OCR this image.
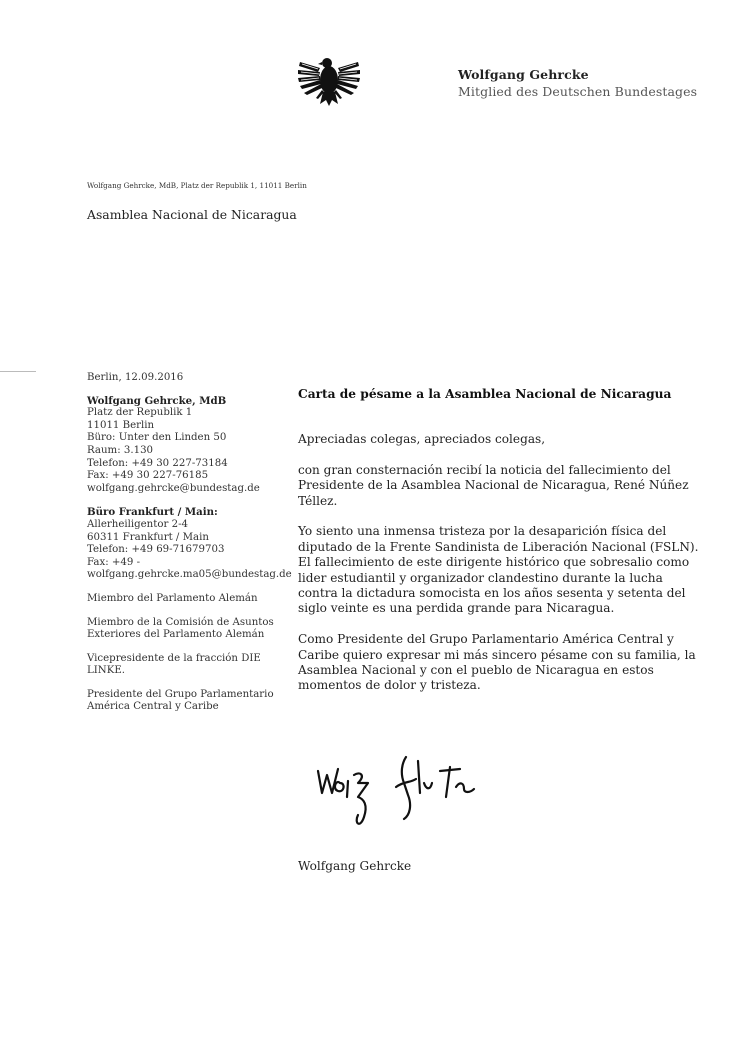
Wolfgang Gehrcke
Mitglied des Deutschen Bundestages
Wolfgang Gehrcke, MdB, Platz der Republik 1, 11011 Berlin
Asamblea Nacional de Nicaragua
Berlin, 12.09.2016
Wolfgang Gehrcke, MdB
Platz der Republik 1
11011 Berlin
Büro: Unter den Linden 50
Raum: 3.130
Telefon: +49 30 227-73184
Fax: +49 30 227-76185
wolfgang.gehrcke@bundestag.de
Büro Frankfurt / Main:
Allerheiligentor 2-4
60311 Frankfurt / Main
Telefon: +49 69-71679703
Fax: +49 -
wolfgang.gehrcke.ma05@bundestag.de
Miembro del Parlamento Alemán
Miembro de la Comisión de Asuntos
Exteriores del Parlamento Alemán
Vicepresidente de la fracción DIE
LINKE.
Presidente del Grupo Parlamentario
América Central y Caribe
Carta de pésame a la Asamblea Nacional de Nicaragua

Apreciadas colegas, apreciados colegas,

con gran consternación recibí la noticia del fallecimiento del
Presidente de la Asamblea Nacional de Nicaragua, René Núñez
Téllez.

Yo siento una inmensa tristeza por la desaparición física del
diputado de la Frente Sandinista de Liberación Nacional (FSLN).
El fallecimiento de este dirigente histórico que sobresalio como
lider estudiantil y organizador clandestino durante la lucha
contra la dictadura somocista en los años sesenta y setenta del
siglo veinte es una perdida grande para Nicaragua.

Como Presidente del Grupo Parlamentario América Central y
Caribe quiero expresar mi más sincero pésame con su familia, la
Asamblea Nacional y con el pueblo de Nicaragua en estos
momentos de dolor y tristeza.

Wolfgang Gehrcke
